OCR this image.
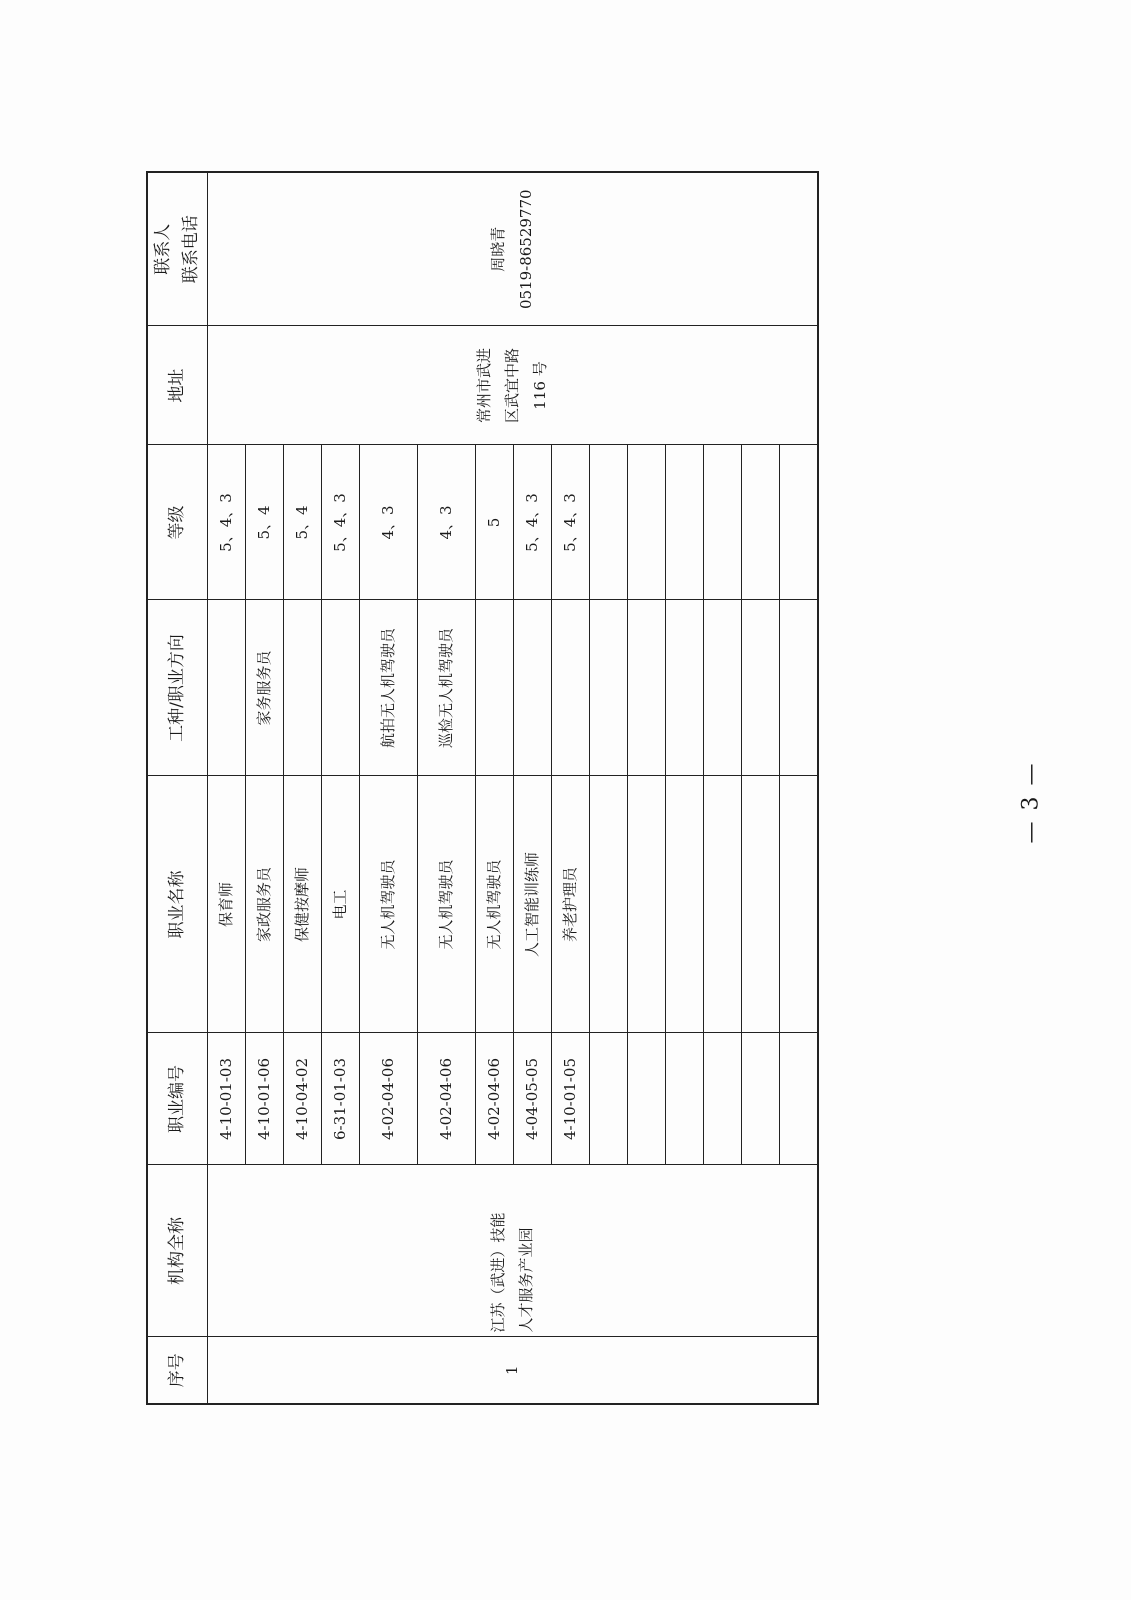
序号	机构全称	职业编号	职业名称	工种/职业方向	等级	地址	联系人 联系电话

1	江苏（武进）技能 人才服务产业园	4-10-01-03	保育师		5、4、3	常州市武进 区武宜中路 116 号	周晓青 0519-86529770

		4-10-01-06	家政服务员	家务服务员	5、4		
		4-10-04-02	保健按摩师		5、4		
		6-31-01-03	电工		5、4、3		
		4-02-04-06	无人机驾驶员	航拍无人机驾驶员	4、3		
		4-02-04-06	无人机驾驶员	巡检无人机驾驶员	4、3		
		4-02-04-06	无人机驾驶员		5		
		4-04-05-05	人工智能训练师		5、4、3		
		4-10-01-05	养老护理员		5、4、3		

— 3 —
